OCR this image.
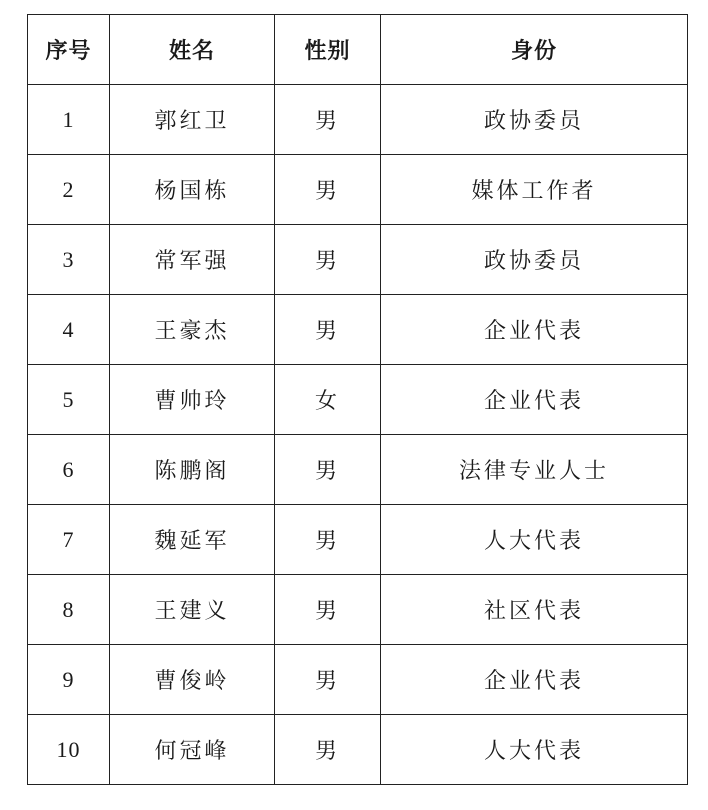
序号	姓名	性别	身份
1	郭红卫	男	政协委员
2	杨国栋	男	媒体工作者
3	常军强	男	政协委员
4	王豪杰	男	企业代表
5	曹帅玲	女	企业代表
6	陈鹏阁	男	法律专业人士
7	魏延军	男	人大代表
8	王建义	男	社区代表
9	曹俊岭	男	企业代表
10	何冠峰	男	人大代表
